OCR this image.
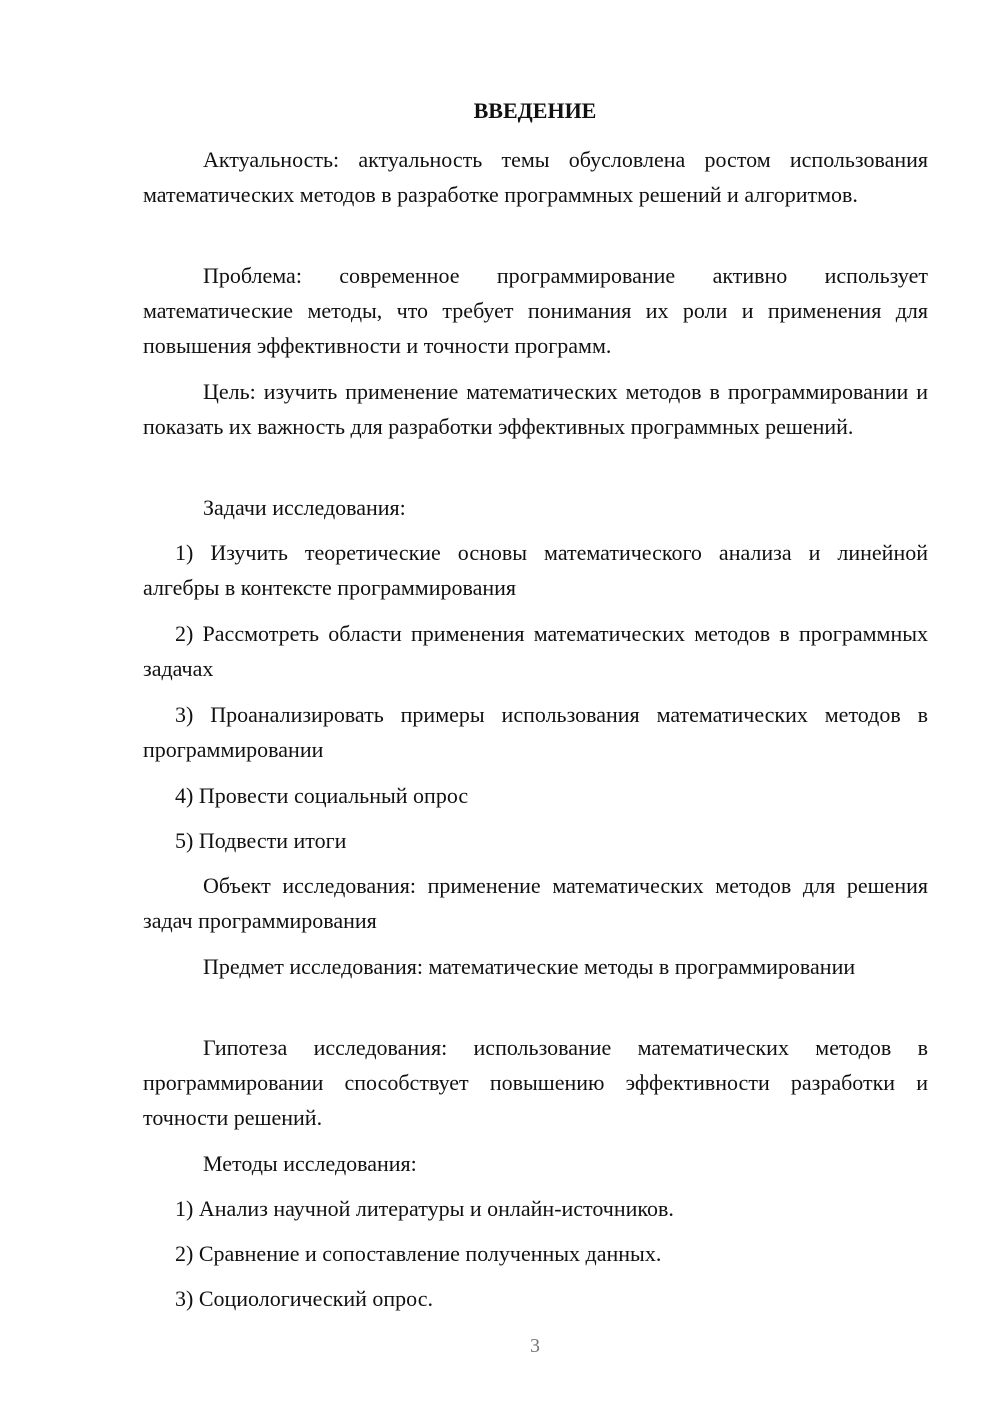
ВВЕДЕНИЕ

Актуальность: актуальность темы обусловлена ростом использования математических методов в разработке программных решений и алгоритмов.

Проблема: современное программирование активно использует математические методы, что требует понимания их роли и применения для повышения эффективности и точности программ.

Цель: изучить применение математических методов в программировании и показать их важность для разработки эффективных программных решений.

Задачи исследования:

1) Изучить теоретические основы математического анализа и линейной алгебры в контексте программирования

2) Рассмотреть области применения математических методов в программных задачах

3) Проанализировать примеры использования математических методов в программировании

4) Провести социальный опрос

5) Подвести итоги

Объект исследования: применение математических методов для решения задач программирования

Предмет исследования: математические методы в программировании

Гипотеза исследования: использование математических методов в программировании способствует повышению эффективности разработки и точности решений.

Методы исследования:

1) Анализ научной литературы и онлайн-источников.

2) Сравнение и сопоставление полученных данных.

3) Социологический опрос.

3
